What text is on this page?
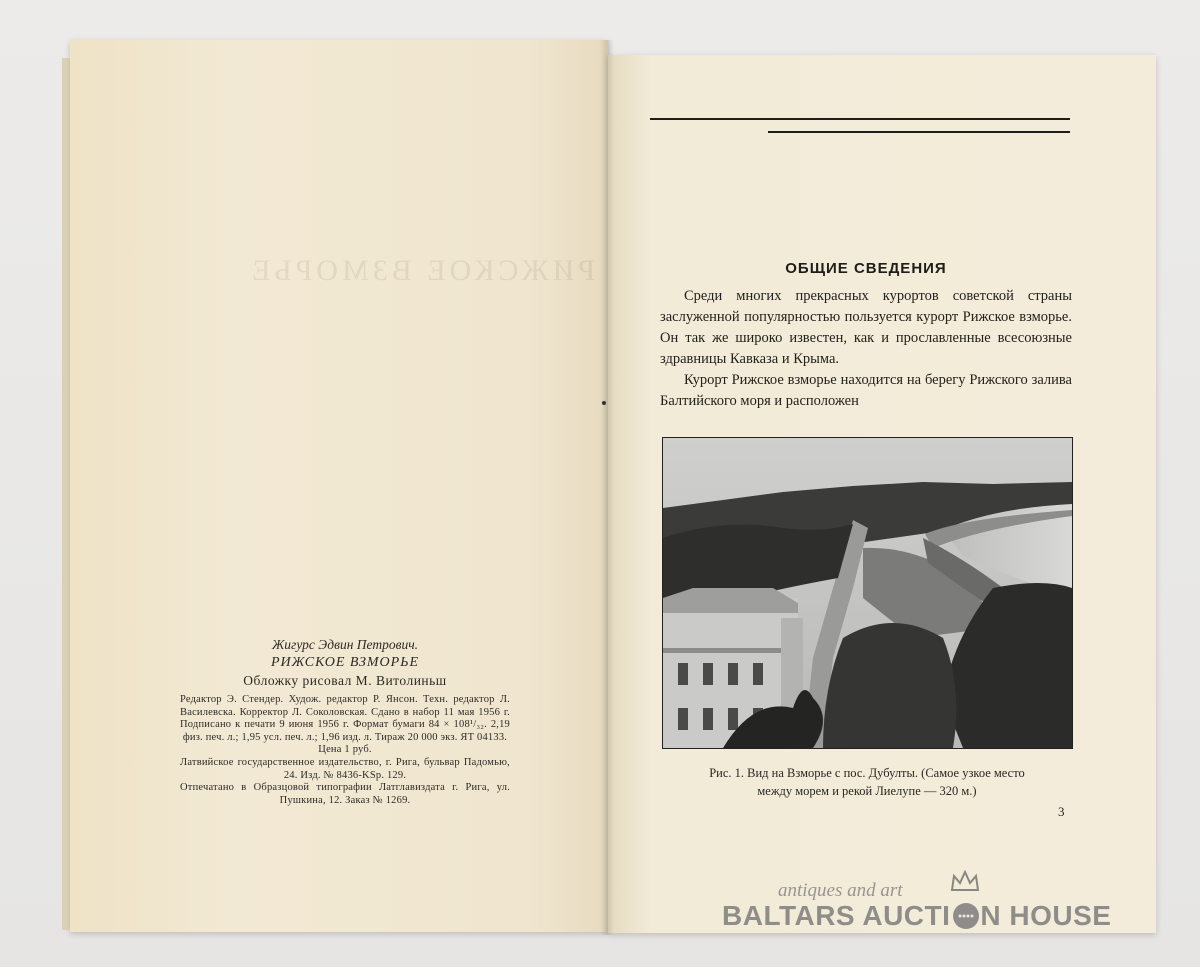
РИЖСКОЕ ВЗМОРЬЕ

Жигурс Эдвин Петрович.

РИЖСКОЕ ВЗМОРЬЕ

Обложку рисовал М. Витолиньш

Редактор Э. Стендер. Худож. редактор Р. Янсон. Техн. редактор Л. Василевска. Корректор Л. Соколовская. Сдано в набор 11 мая 1956 г. Подписано к печати 9 июня 1956 г. Формат бумаги 84 × 108¹/₃₂. 2,19 физ. печ. л.; 1,95 усл. печ. л.; 1,96 изд. л. Тираж 20 000 экз. ЯТ 04133.

Цена 1 руб.

Латвийское государственное издательство, г. Рига, бульвар Падомью, 24. Изд. № 8436-KSp. 129.

Отпечатано в Образцовой типографии Латглавиздата г. Рига, ул. Пушкина, 12. Заказ № 1269.

ОБЩИЕ СВЕДЕНИЯ

Среди многих прекрасных курортов советской страны заслуженной популярностью пользуется курорт Рижское взморье. Он так же широко известен, как и прославленные всесоюзные здравницы Кавказа и Крыма.

Курорт Рижское взморье находится на берегу Рижского залива Балтийского моря и расположен

Рис. 1. Вид на Взморье с пос. Дубулты. (Самое узкое место
между морем и рекой Лиелупе — 320 м.)
3
antiques and art
BALTARS AUCTI N HOUSE
